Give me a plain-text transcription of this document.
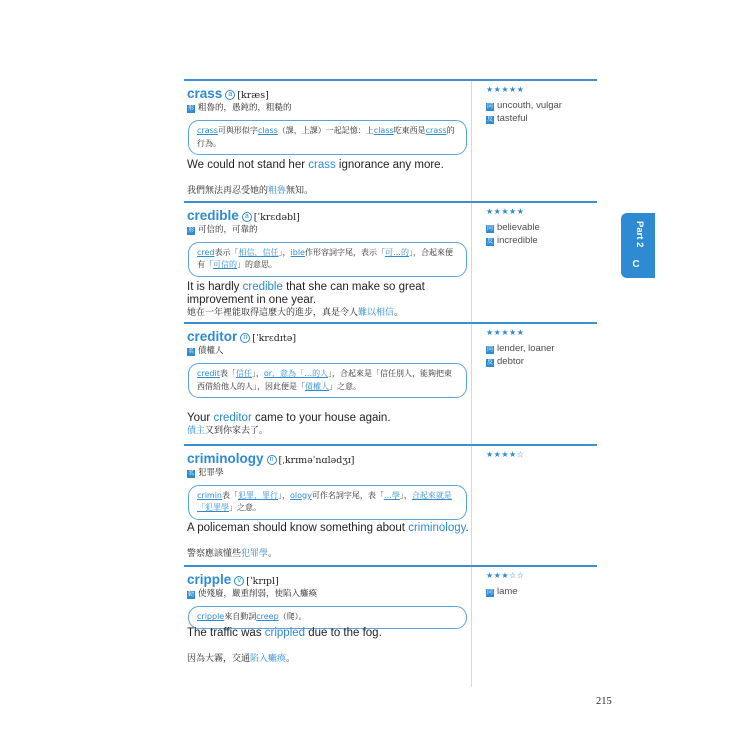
crass a [kræs]
形 粗魯的，愚鈍的，粗糙的
crass可與形似字class（課，上課）一起記憶：上class吃東西是crass的行為。
We could not stand her crass ignorance any more.
我們無法再忍受她的粗魯無知。
★★★★★
同 uncouth, vulgar
反 tasteful
credible a [ˈkrɛdəbl]
形 可信的，可靠的
cred表示「相信，信任」，ible作形容詞字尾，表示「可…的」，合起來便有「可信的」的意思。
It is hardly credible that she can make so great improvement in one year.
她在一年裡能取得這麼大的進步，真是令人難以相信。
★★★★★
同 believable
反 incredible
creditor n [ˈkrɛdɪtə]
名 債權人
credit表「信任」，or，意為「…的人」，合起來是「信任別人，能夠把東西借給他人的人」，因此便是「債權人」之意。
Your creditor came to your house again.
債主又到你家去了。
★★★★★
同 lender, loaner
反 debtor
criminology n [ˌkrɪməˈnɑlədʒɪ]
名 犯罪學
crimin表「犯罪，罪行」，ology可作名詞字尾，表「…學」，合起來就是「犯罪學」之意。
A policeman should know something about criminology.
警察應該懂些犯罪學。
★★★★☆
cripple v [ˈkrɪpl]
動 使殘廢，嚴重削弱，使陷入癱瘓
cripple來自動詞creep（爬）。
The traffic was crippled due to the fog.
因為大霧，交通陷入癱瘓。
★★★☆☆
同 lame
Part 2
C
215
